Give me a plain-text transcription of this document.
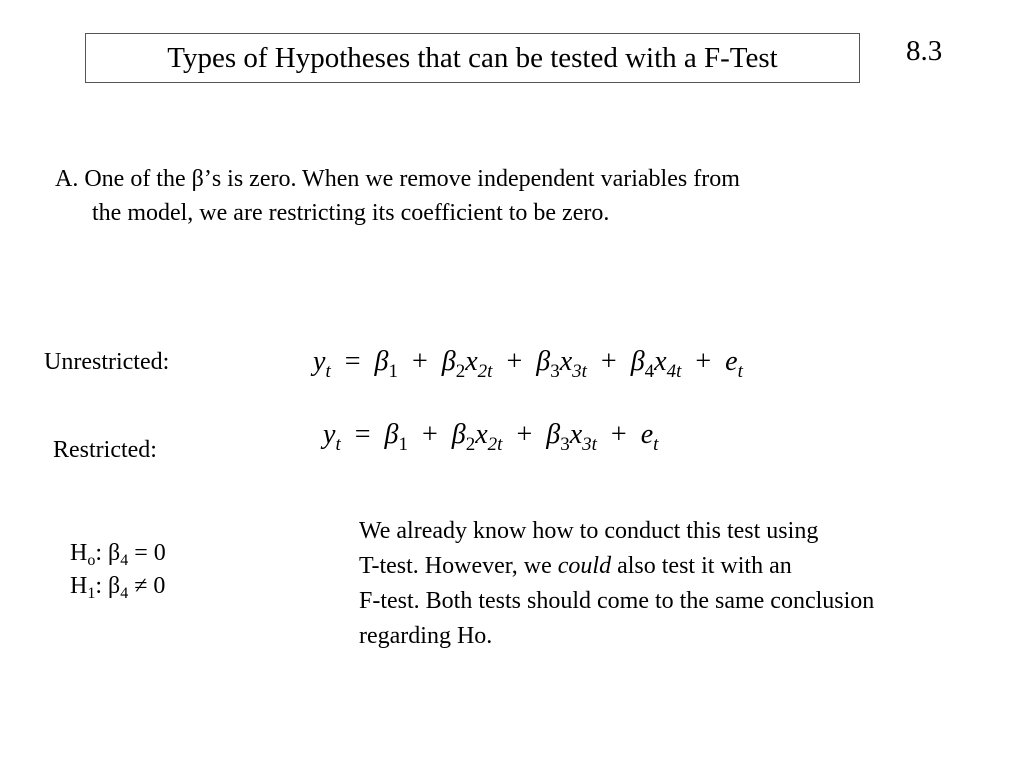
Types of Hypotheses that can be tested with a F-Test	8.3
A. One of the β’s is zero. When we remove independent variables from
the model, we are restricting its coefficient to be zero.
Unrestricted:
Restricted:
$y_t = \beta_1 + \beta_2x_{2t} + \beta_3x_{3t} + \beta_4x_{4t} + e_t$
$y_t = \beta_1 + \beta_2x_{2t} + \beta_3x_{3t} + e_t$
$H_o$: $\beta_4 = 0$
$H_1$: $\beta_4 \ne 0$
We already know how to conduct this test using
T-test. However, we could also test it with an
F-test. Both tests should come to the same conclusion
regarding Ho.
